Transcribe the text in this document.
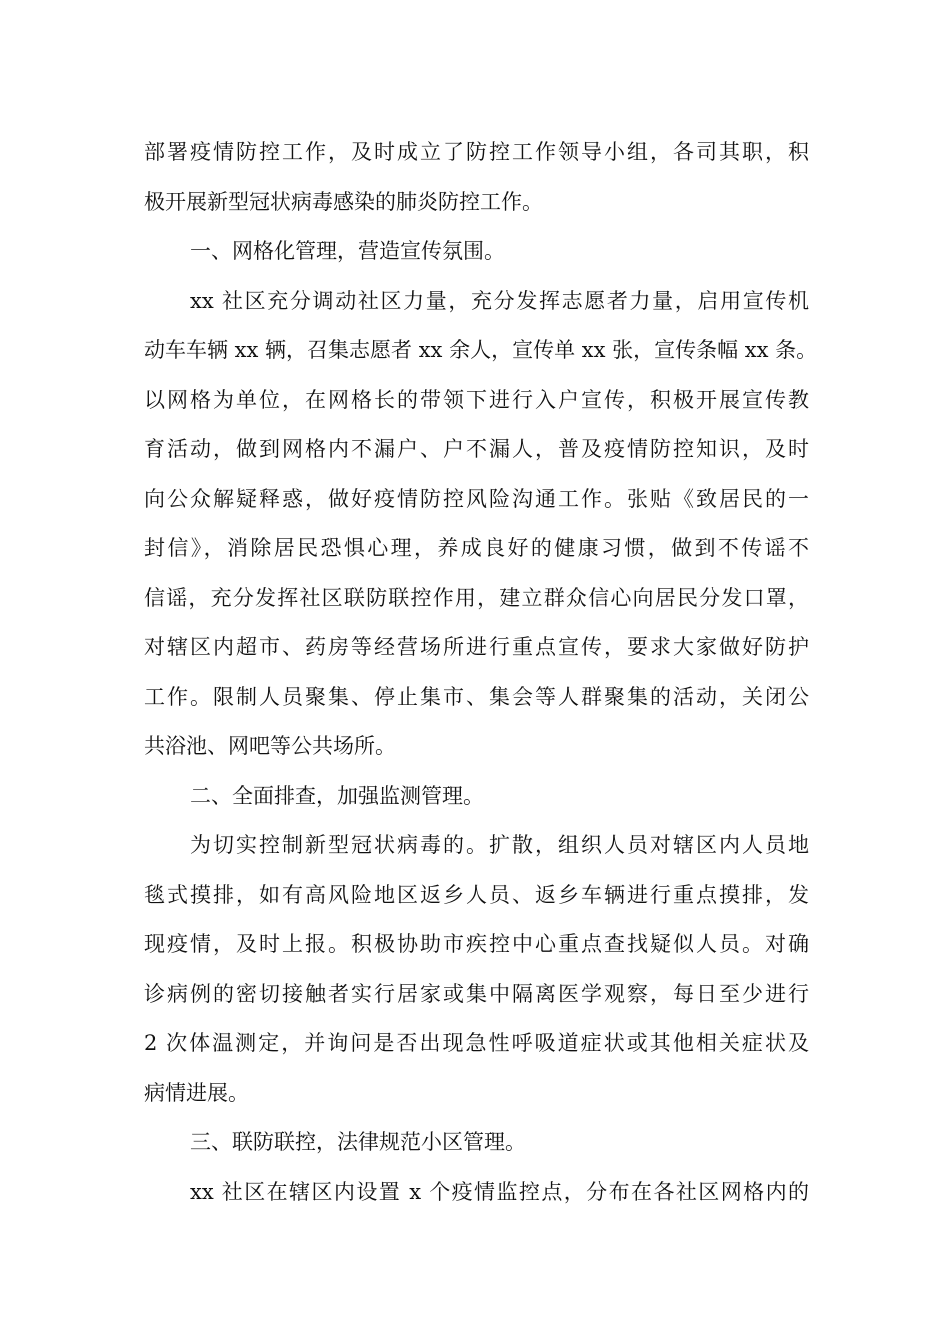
部署疫情防控工作，及时成立了防控工作领导小组，各司其职，积
极开展新型冠状病毒感染的肺炎防控工作。
一、网格化管理，营造宣传氛围。
xx 社区充分调动社区力量，充分发挥志愿者力量，启用宣传机
动车车辆 xx 辆，召集志愿者 xx 余人，宣传单 xx 张，宣传条幅 xx 条。
以网格为单位，在网格长的带领下进行入户宣传，积极开展宣传教
育活动，做到网格内不漏户、户不漏人，普及疫情防控知识，及时
向公众解疑释惑，做好疫情防控风险沟通工作。张贴《致居民的一
封信》，消除居民恐惧心理，养成良好的健康习惯，做到不传谣不
信谣，充分发挥社区联防联控作用，建立群众信心向居民分发口罩，
对辖区内超市、药房等经营场所进行重点宣传，要求大家做好防护
工作。限制人员聚集、停止集市、集会等人群聚集的活动，关闭公
共浴池、网吧等公共场所。
二、全面排查，加强监测管理。
为切实控制新型冠状病毒的。扩散，组织人员对辖区内人员地
毯式摸排，如有高风险地区返乡人员、返乡车辆进行重点摸排，发
现疫情，及时上报。积极协助市疾控中心重点查找疑似人员。对确
诊病例的密切接触者实行居家或集中隔离医学观察，每日至少进行
2 次体温测定，并询问是否出现急性呼吸道症状或其他相关症状及
病情进展。
三、联防联控，法律规范小区管理。
xx 社区在辖区内设置 x 个疫情监控点，分布在各社区网格内的
